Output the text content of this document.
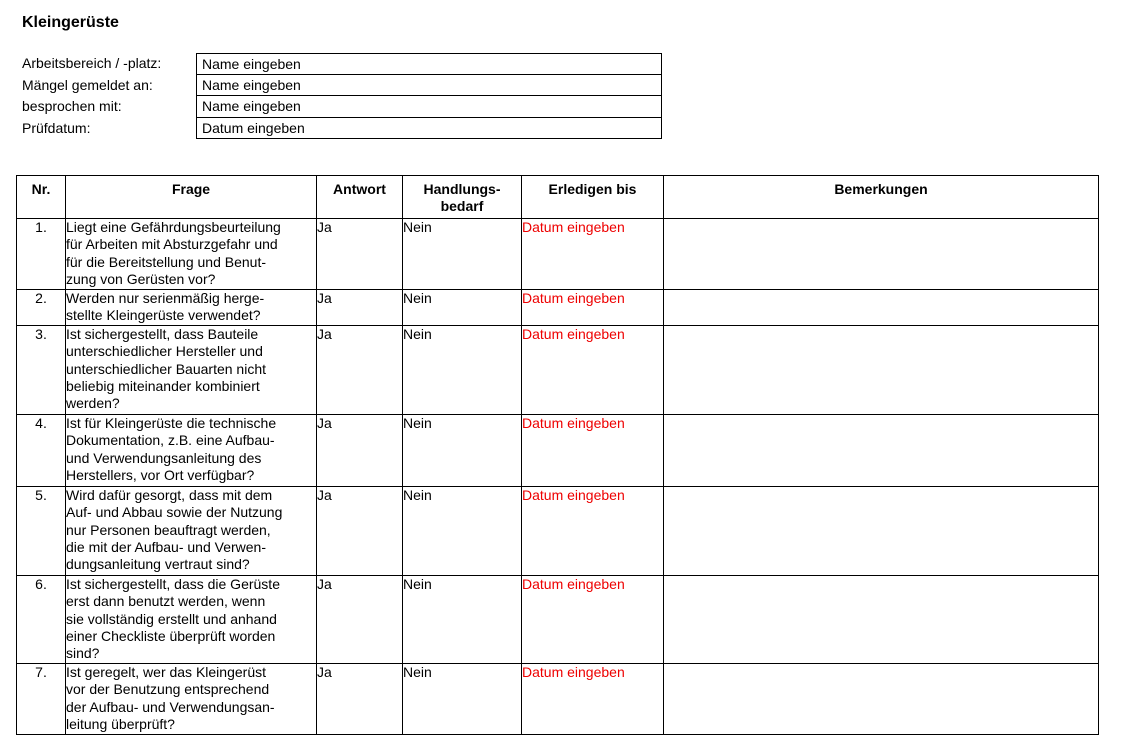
Kleingerüste
Arbeitsbereich / -platz:	Name eingeben
Mängel gemeldet an:	Name eingeben
besprochen mit:	Name eingeben
Prüfdatum:	Datum eingeben
Nr.	Frage	Antwort	Handlungs-
bedarf	Erledigen bis	Bemerkungen
1.	Liegt eine Gefährdungsbeurteilung
für Arbeiten mit Absturzgefahr und
für die Bereitstellung und Benut-
zung von Gerüsten vor?	Ja	Nein	Datum eingeben	
2.	Werden nur serienmäßig herge-
stellte Kleingerüste verwendet?	Ja	Nein	Datum eingeben	
3.	Ist sichergestellt, dass Bauteile
unterschiedlicher Hersteller und
unterschiedlicher Bauarten nicht
beliebig miteinander kombiniert
werden?	Ja	Nein	Datum eingeben	
4.	Ist für Kleingerüste die technische
Dokumentation, z.B. eine Aufbau-
und Verwendungsanleitung des
Herstellers, vor Ort verfügbar?	Ja	Nein	Datum eingeben	
5.	Wird dafür gesorgt, dass mit dem
Auf- und Abbau sowie der Nutzung
nur Personen beauftragt werden,
die mit der Aufbau- und Verwen-
dungsanleitung vertraut sind?	Ja	Nein	Datum eingeben	
6.	Ist sichergestellt, dass die Gerüste
erst dann benutzt werden, wenn
sie vollständig erstellt und anhand
einer Checkliste überprüft worden
sind?	Ja	Nein	Datum eingeben	
7.	Ist geregelt, wer das Kleingerüst
vor der Benutzung entsprechend
der Aufbau- und Verwendungsan-
leitung überprüft?	Ja	Nein	Datum eingeben	
